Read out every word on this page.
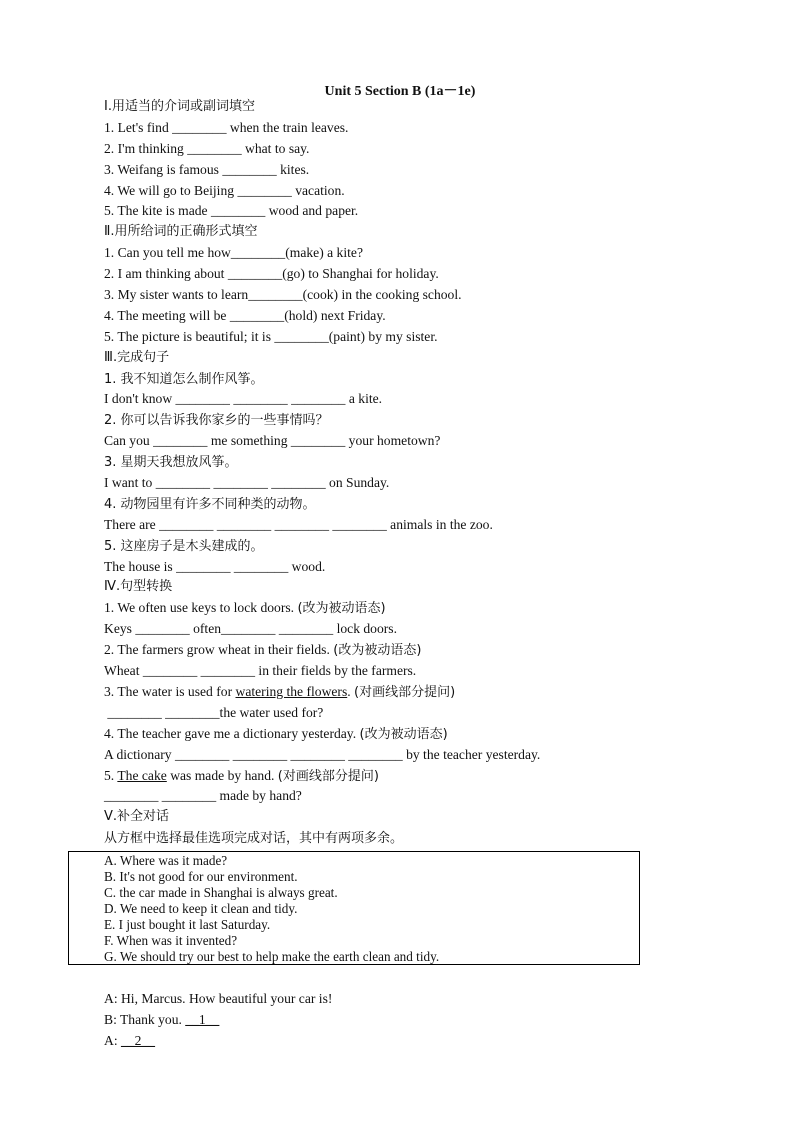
Unit 5 Section B (1a－1e)
Ⅰ.用适当的介词或副词填空
1. Let's find ________ when the train leaves.
2. I'm thinking ________ what to say.
3. Weifang is famous ________ kites.
4. We will go to Beijing ________ vacation.
5. The kite is made ________ wood and paper.
Ⅱ.用所给词的正确形式填空
1. Can you tell me how________(make) a kite?
2. I am thinking about ________(go) to Shanghai for holiday.
3. My sister wants to learn________(cook) in the cooking school.
4. The meeting will be ________(hold) next Friday.
5. The picture is beautiful; it is ________(paint) by my sister.
Ⅲ.完成句子
1. 我不知道怎么制作风筝。
I don't know ________ ________ ________ a kite.
2. 你可以告诉我你家乡的一些事情吗？
Can you ________ me something ________ your hometown?
3. 星期天我想放风筝。
I want to ________ ________ ________ on Sunday.
4. 动物园里有许多不同种类的动物。
There are ________ ________ ________ ________ animals in the zoo.
5. 这座房子是木头建成的。
The house is ________ ________ wood.
Ⅳ.句型转换
1. We often use keys to lock doors. (改为被动语态)
Keys ________ often________ ________ lock doors.
2. The farmers grow wheat in their fields. (改为被动语态)
Wheat ________ ________ in their fields by the farmers.
3. The water is used for watering the flowers. (对画线部分提问)
________ ________the water used for?
4. The teacher gave me a dictionary yesterday. (改为被动语态)
A dictionary ________ ________ ________ ________ by the teacher yesterday.
5. The cake was made by hand. (对画线部分提问)
________ ________ made by hand?
Ⅴ.补全对话
从方框中选择最佳选项完成对话，其中有两项多余。
A. Where was it made?
B. It's not good for our environment.
C. the car made in Shanghai is always great.
D. We need to keep it clean and tidy.
E. I just bought it last Saturday.
F. When was it invented?
G. We should try our best to help make the earth clean and tidy.
A: Hi, Marcus. How beautiful your car is!
B: Thank you. __1__
A: __2__
